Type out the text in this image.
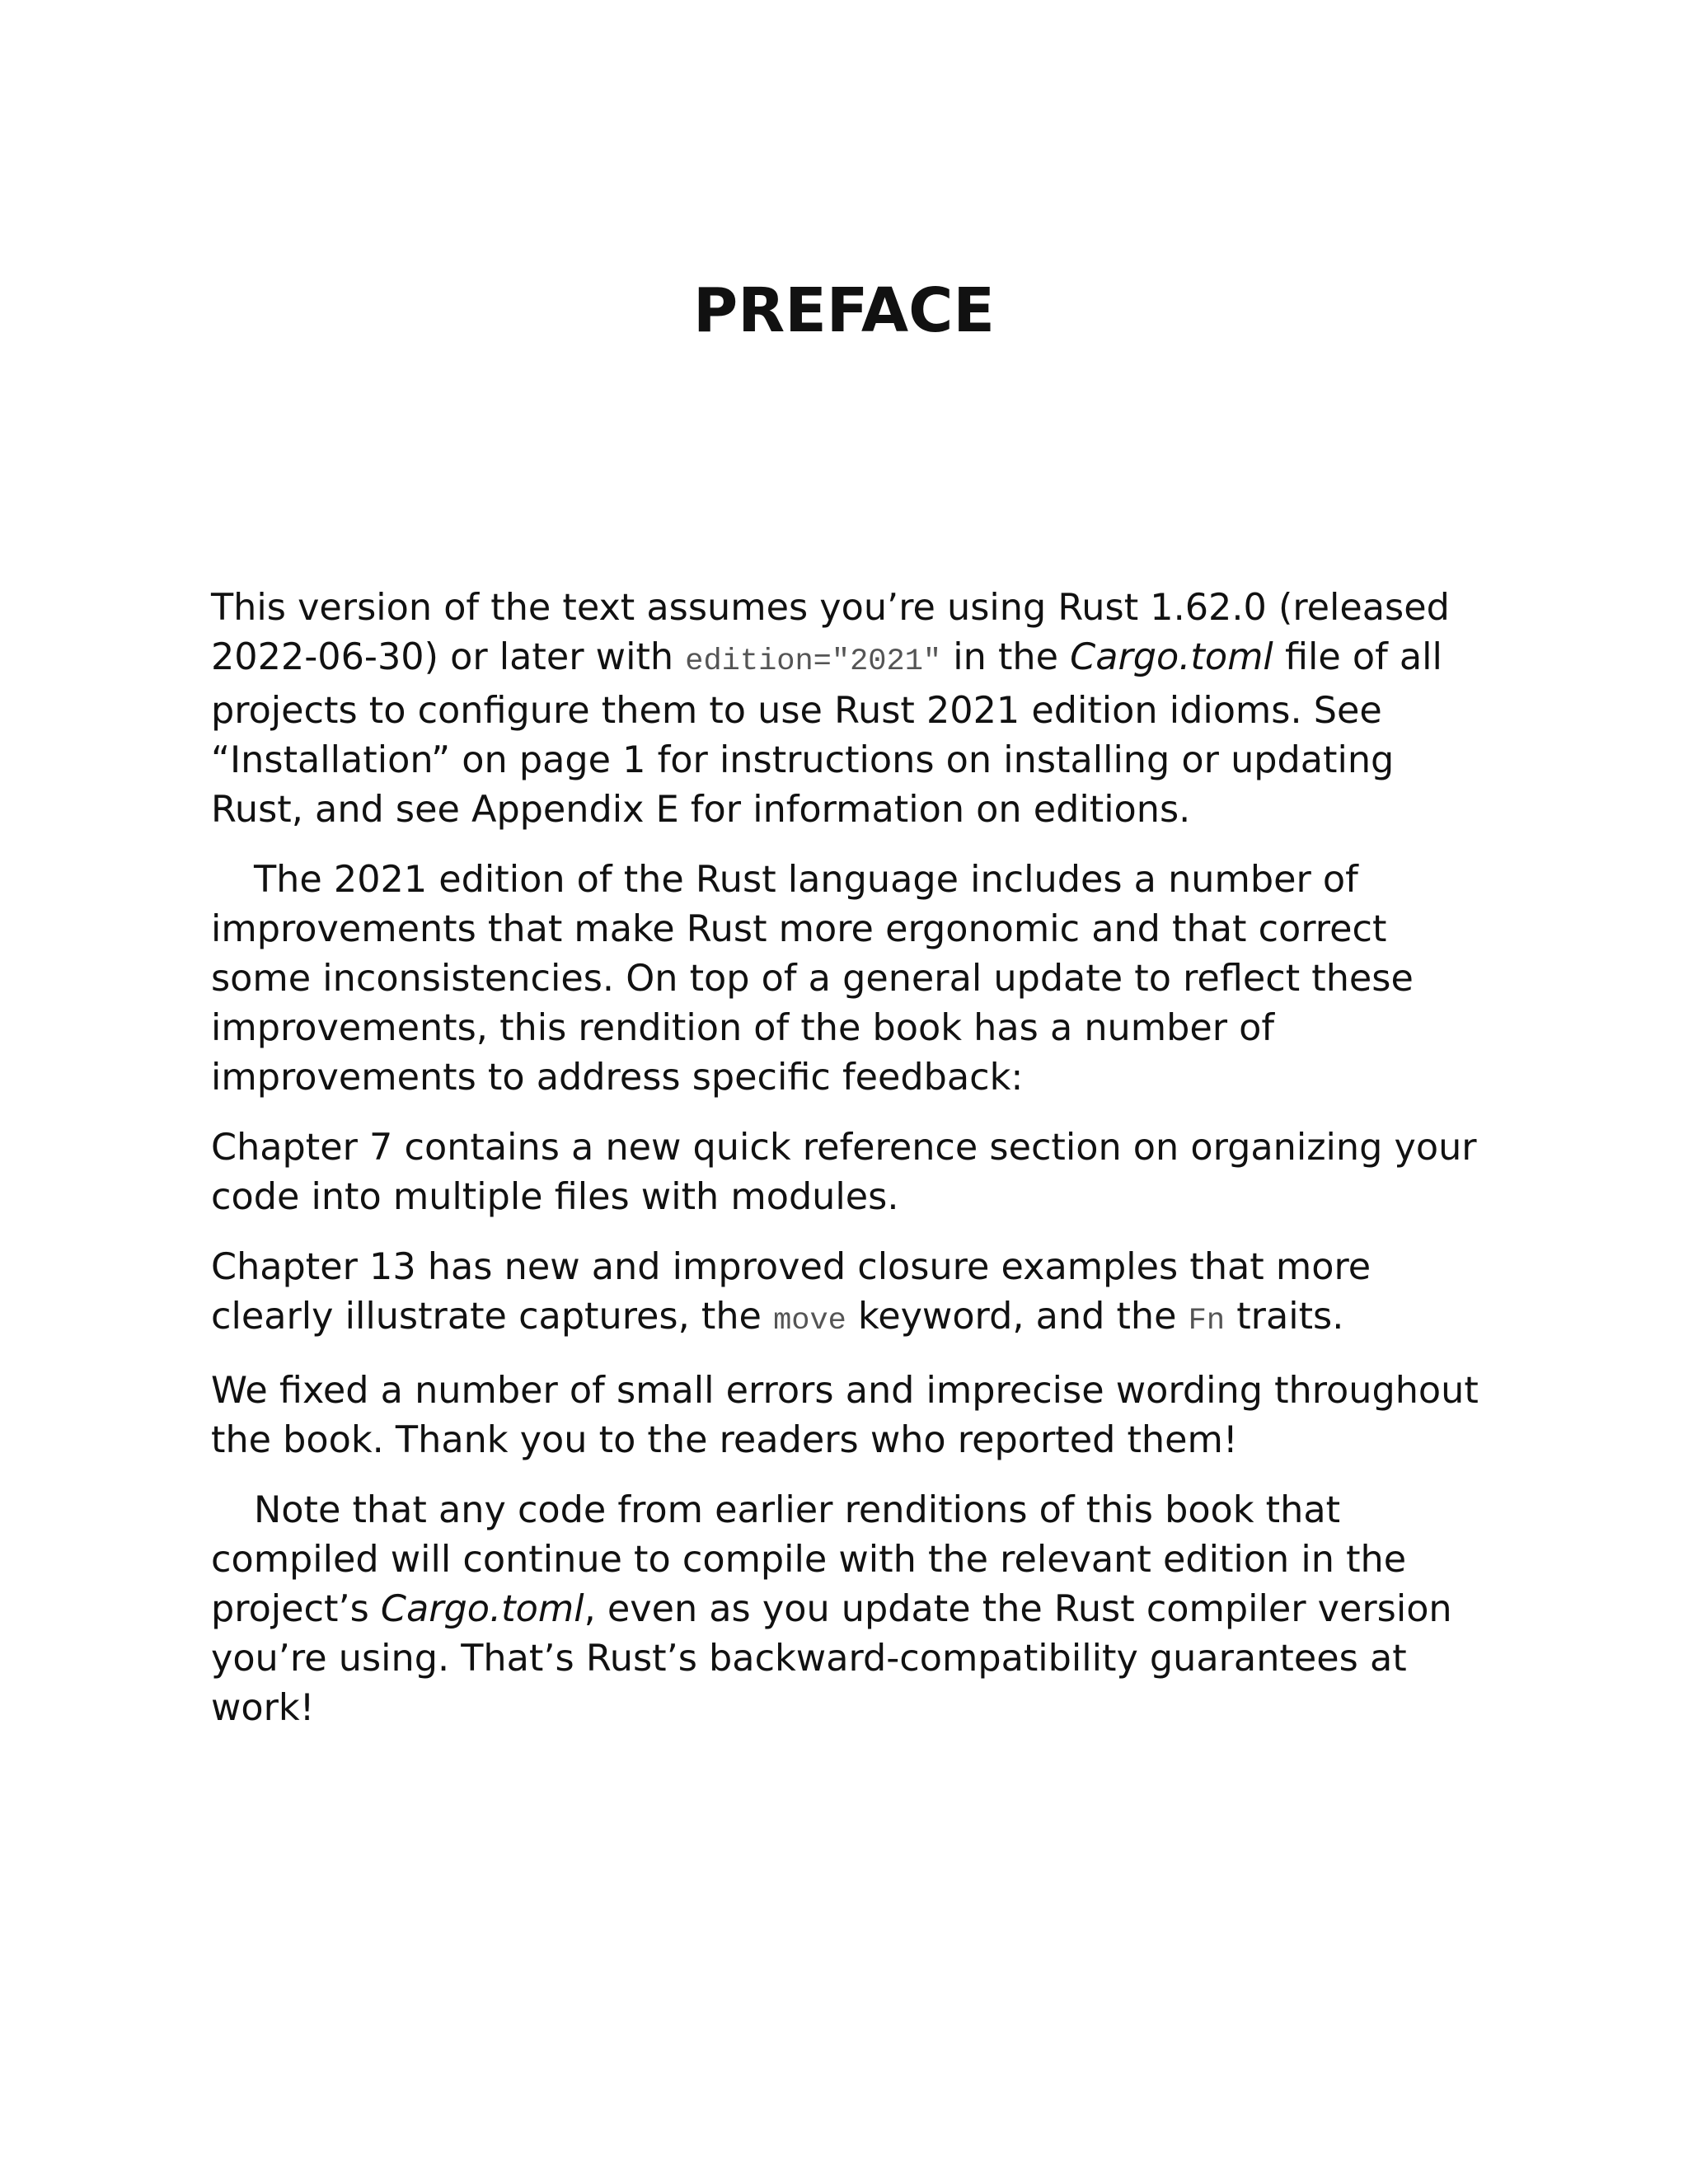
PREFACE

This version of the text assumes you’re using Rust 1.62.0 (released 2022-06-30) or later with edition="2021" in the Cargo.toml file of all projects to configure them to use Rust 2021 edition idioms. See “Installation” on page 1 for instructions on installing or updating Rust, and see Appendix E for information on editions.

The 2021 edition of the Rust language includes a number of improvements that make Rust more ergonomic and that correct some inconsistencies. On top of a general update to reflect these improvements, this rendition of the book has a number of improvements to address specific feedback:

Chapter 7 contains a new quick reference section on organizing your code into multiple files with modules.

Chapter 13 has new and improved closure examples that more clearly illustrate captures, the move keyword, and the Fn traits.

We fixed a number of small errors and imprecise wording throughout the book. Thank you to the readers who reported them!

Note that any code from earlier renditions of this book that compiled will continue to compile with the relevant edition in the project’s Cargo.toml, even as you update the Rust compiler version you’re using. That’s Rust’s backward-compatibility guarantees at work!
